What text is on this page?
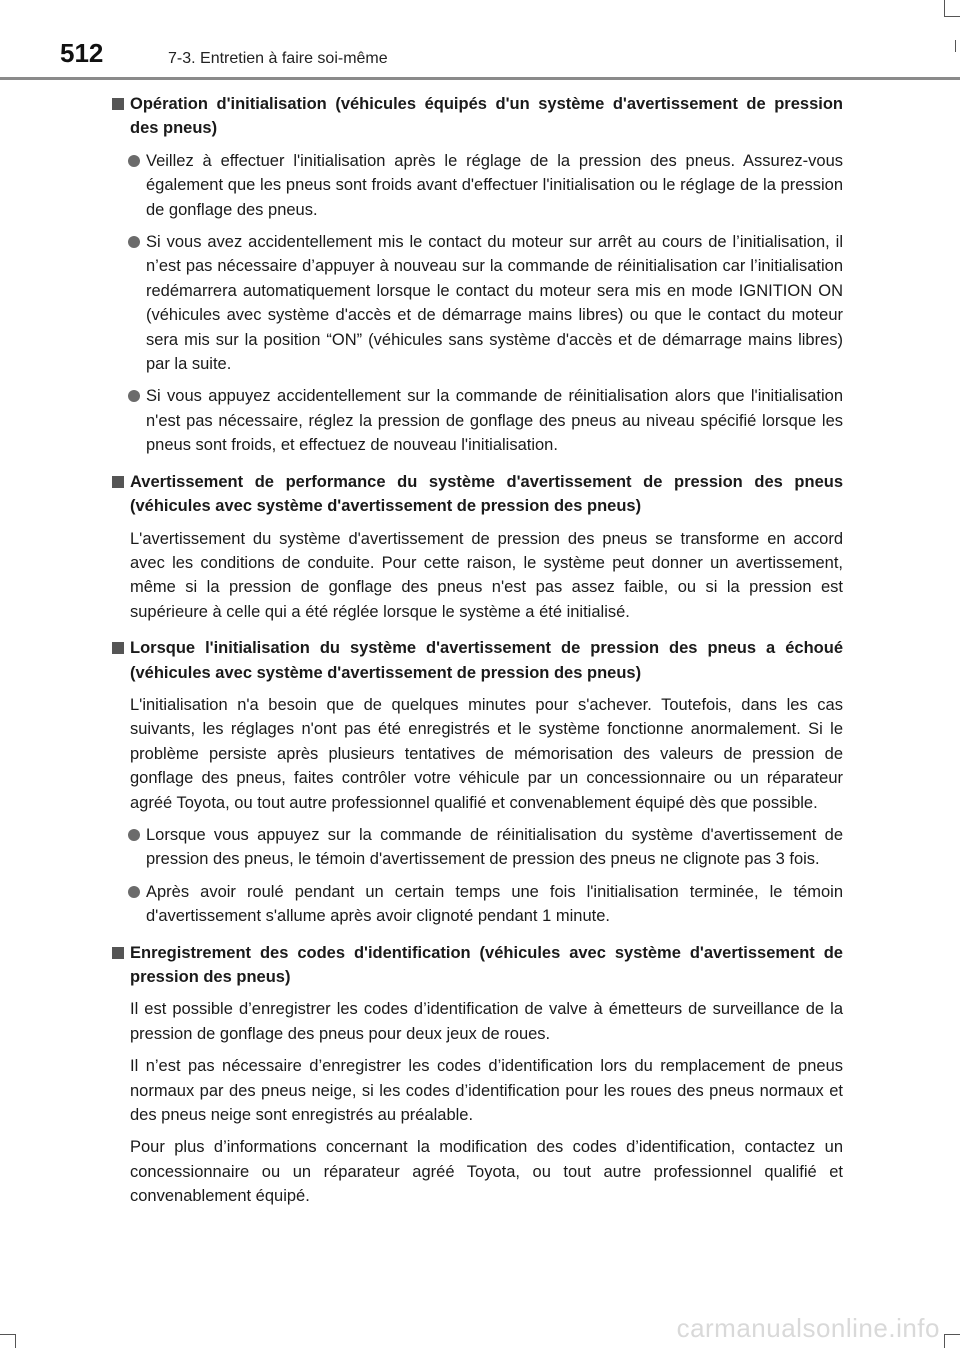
512	7-3. Entretien à faire soi-même
Opération d'initialisation (véhicules équipés d'un système d'avertissement de pression des pneus)
Veillez à effectuer l'initialisation après le réglage de la pression des pneus. Assurez-vous également que les pneus sont froids avant d'effectuer l'initialisation ou le réglage de la pression de gonflage des pneus.
Si vous avez accidentellement mis le contact du moteur sur arrêt au cours de l’initialisation, il n’est pas nécessaire d’appuyer à nouveau sur la commande de réinitialisation car l’initialisation redémarrera automatiquement lorsque le contact du moteur sera mis en mode IGNITION ON (véhicules avec système d'accès et de démarrage mains libres) ou que le contact du moteur sera mis sur la position “ON” (véhicules sans système d'accès et de démarrage mains libres) par la suite.
Si vous appuyez accidentellement sur la commande de réinitialisation alors que l'initialisation n'est pas nécessaire, réglez la pression de gonflage des pneus au niveau spécifié lorsque les pneus sont froids, et effectuez de nouveau l'initialisation.
Avertissement de performance du système d'avertissement de pression des pneus (véhicules avec système d'avertissement de pression des pneus)
L'avertissement du système d'avertissement de pression des pneus se transforme en accord avec les conditions de conduite. Pour cette raison, le système peut donner un avertissement, même si la pression de gonflage des pneus n'est pas assez faible, ou si la pression est supérieure à celle qui a été réglée lorsque le système a été initialisé.
Lorsque l'initialisation du système d'avertissement de pression des pneus a échoué (véhicules avec système d'avertissement de pression des pneus)
L'initialisation n'a besoin que de quelques minutes pour s'achever. Toutefois, dans les cas suivants, les réglages n'ont pas été enregistrés et le système fonctionne anormalement. Si le problème persiste après plusieurs tentatives de mémorisation des valeurs de pression de gonflage des pneus, faites contrôler votre véhicule par un concessionnaire ou un réparateur agréé Toyota, ou tout autre professionnel qualifié et convenablement équipé dès que possible.
Lorsque vous appuyez sur la commande de réinitialisation du système d'avertissement de pression des pneus, le témoin d'avertissement de pression des pneus ne clignote pas 3 fois.
Après avoir roulé pendant un certain temps une fois l'initialisation terminée, le témoin d'avertissement s'allume après avoir clignoté pendant 1 minute.
Enregistrement des codes d'identification (véhicules avec système d'avertissement de pression des pneus)
Il est possible d’enregistrer les codes d’identification de valve à émetteurs de surveillance de la pression de gonflage des pneus pour deux jeux de roues.
Il n’est pas nécessaire d’enregistrer les codes d’identification lors du remplacement de pneus normaux par des pneus neige, si les codes d’identification pour les roues des pneus normaux et des pneus neige sont enregistrés au préalable.
Pour plus d’informations concernant la modification des codes d’identification, contactez un concessionnaire ou un réparateur agréé Toyota, ou tout autre professionnel qualifié et convenablement équipé.
carmanualsonline.info
